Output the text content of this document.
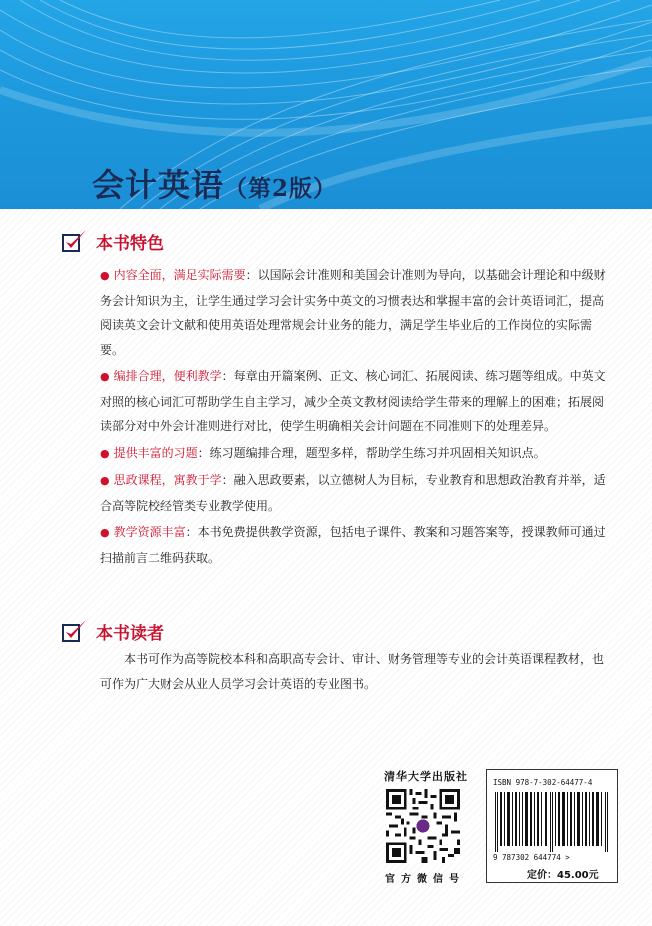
会计英语（第2版）
本书特色

● 内容全面，满足实际需要：以国际会计准则和美国会计准则为导向，以基础会计理论和中级财务会计知识为主，让学生通过学习会计实务中英文的习惯表达和掌握丰富的会计英语词汇，提高阅读英文会计文献和使用英语处理常规会计业务的能力，满足学生毕业后的工作岗位的实际需要。

● 编排合理，便利教学：每章由开篇案例、正文、核心词汇、拓展阅读、练习题等组成。中英文对照的核心词汇可帮助学生自主学习，减少全英文教材阅读给学生带来的理解上的困难；拓展阅读部分对中外会计准则进行对比，使学生明确相关会计问题在不同准则下的处理差异。

● 提供丰富的习题：练习题编排合理，题型多样，帮助学生练习并巩固相关知识点。

● 思政课程，寓教于学：融入思政要素，以立德树人为目标，专业教育和思想政治教育并举，适合高等院校经管类专业教学使用。

● 教学资源丰富：本书免费提供教学资源，包括电子课件、教案和习题答案等，授课教师可通过扫描前言二维码获取。

本书读者

本书可作为高等院校本科和高职高专会计、审计、财务管理等专业的会计英语课程教材，也可作为广大财会从业人员学习会计英语的专业图书。

清华大学出版社
官方微信号
ISBN 978-7-302-64477-4
9 787302 644774 >
定价：45.00元
